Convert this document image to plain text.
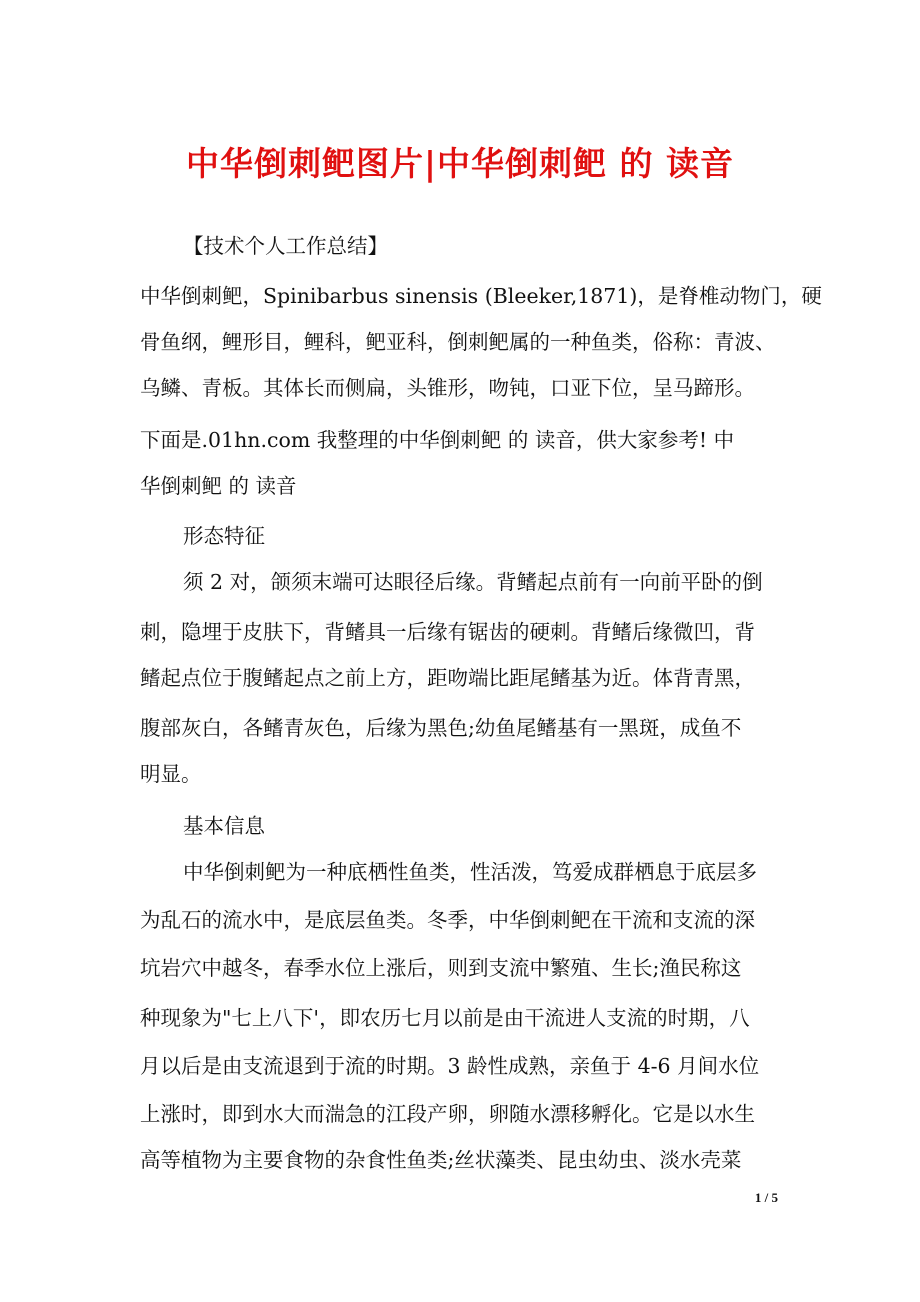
中华倒刺鲃图片|中华倒刺鲃 的 读音
【技术个人工作总结】
中华倒刺鲃，Spinibarbus sinensis (Bleeker,1871)，是脊椎动物门，硬
骨鱼纲，鲤形目，鲤科，鲃亚科，倒刺鲃属的一种鱼类，俗称：青波、
乌鳞、青板。其体长而侧扁，头锥形，吻钝，口亚下位，呈马蹄形。
下面是.01hn.com 我整理的中华倒刺鲃 的 读音，供大家参考! 中
华倒刺鲃 的 读音
形态特征
须 2 对，颌须末端可达眼径后缘。背鳍起点前有一向前平卧的倒
刺，隐埋于皮肤下，背鳍具一后缘有锯齿的硬刺。背鳍后缘微凹，背
鳍起点位于腹鳍起点之前上方，距吻端比距尾鳍基为近。体背青黑，
腹部灰白，各鳍青灰色，后缘为黑色;幼鱼尾鳍基有一黑斑，成鱼不
明显。
基本信息
中华倒刺鲃为一种底栖性鱼类，性活泼，笃爱成群栖息于底层多
为乱石的流水中，是底层鱼类。冬季，中华倒刺鲃在干流和支流的深
坑岩穴中越冬，春季水位上涨后，则到支流中繁殖、生长;渔民称这
种现象为"七上八下'，即农历七月以前是由干流进人支流的时期，八
月以后是由支流退到于流的时期。3 龄性成熟，亲鱼于 4-6 月间水位
上涨时，即到水大而湍急的江段产卵，卵随水漂移孵化。它是以水生
高等植物为主要食物的杂食性鱼类;丝状藻类、昆虫幼虫、淡水壳菜
1 / 5
